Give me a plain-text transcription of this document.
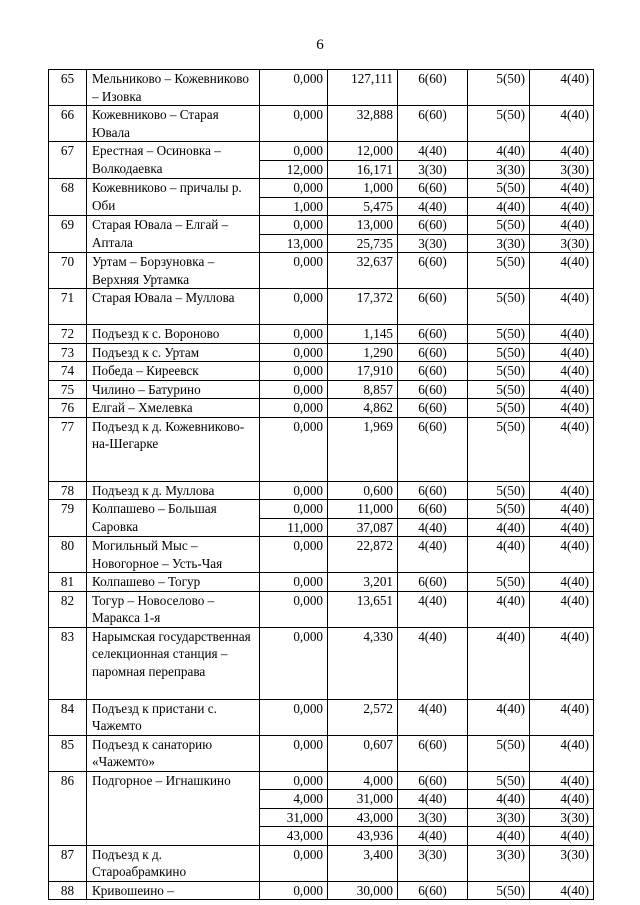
6
65	Мельниково – Кожевниково – Изовка	0,000	127,111	6(60)	5(50)	4(40)
66	Кожевниково – Старая Ювала	0,000	32,888	6(60)	5(50)	4(40)
67	Ерестная – Осиновка – Волкодаевка	0,000	12,000	4(40)	4(40)	4(40)
		12,000	16,171	3(30)	3(30)	3(30)
68	Кожевниково – причалы р. Оби	0,000	1,000	6(60)	5(50)	4(40)
		1,000	5,475	4(40)	4(40)	4(40)
69	Старая Ювала – Елгай – Аптала	0,000	13,000	6(60)	5(50)	4(40)
		13,000	25,735	3(30)	3(30)	3(30)
70	Уртам – Борзуновка – Верхняя Уртамка	0,000	32,637	6(60)	5(50)	4(40)
71	Старая Ювала – Муллова	0,000	17,372	6(60)	5(50)	4(40)
72	Подъезд к с. Вороново	0,000	1,145	6(60)	5(50)	4(40)
73	Подъезд к с. Уртам	0,000	1,290	6(60)	5(50)	4(40)
74	Победа – Киреевск	0,000	17,910	6(60)	5(50)	4(40)
75	Чилино – Батурино	0,000	8,857	6(60)	5(50)	4(40)
76	Елгай – Хмелевка	0,000	4,862	6(60)	5(50)	4(40)
77	Подъезд к д. Кожевниково-на-Шегарке	0,000	1,969	6(60)	5(50)	4(40)
78	Подъезд к д. Муллова	0,000	0,600	6(60)	5(50)	4(40)
79	Колпашево – Большая Саровка	0,000	11,000	6(60)	5(50)	4(40)
		11,000	37,087	4(40)	4(40)	4(40)
80	Могильный Мыс – Новогорное – Усть-Чая	0,000	22,872	4(40)	4(40)	4(40)
81	Колпашево – Тогур	0,000	3,201	6(60)	5(50)	4(40)
82	Тогур – Новоселово – Маракса 1-я	0,000	13,651	4(40)	4(40)	4(40)
83	Нарымская государственная селекционная станция – паромная переправа	0,000	4,330	4(40)	4(40)	4(40)
84	Подъезд к пристани с. Чажемто	0,000	2,572	4(40)	4(40)	4(40)
85	Подъезд к санаторию «Чажемто»	0,000	0,607	6(60)	5(50)	4(40)
86	Подгорное – Игнашкино	0,000	4,000	6(60)	5(50)	4(40)
		4,000	31,000	4(40)	4(40)	4(40)
		31,000	43,000	3(30)	3(30)	3(30)
		43,000	43,936	4(40)	4(40)	4(40)
87	Подъезд к д. Староабрамкино	0,000	3,400	3(30)	3(30)	3(30)
88	Кривошеино –	0,000	30,000	6(60)	5(50)	4(40)
